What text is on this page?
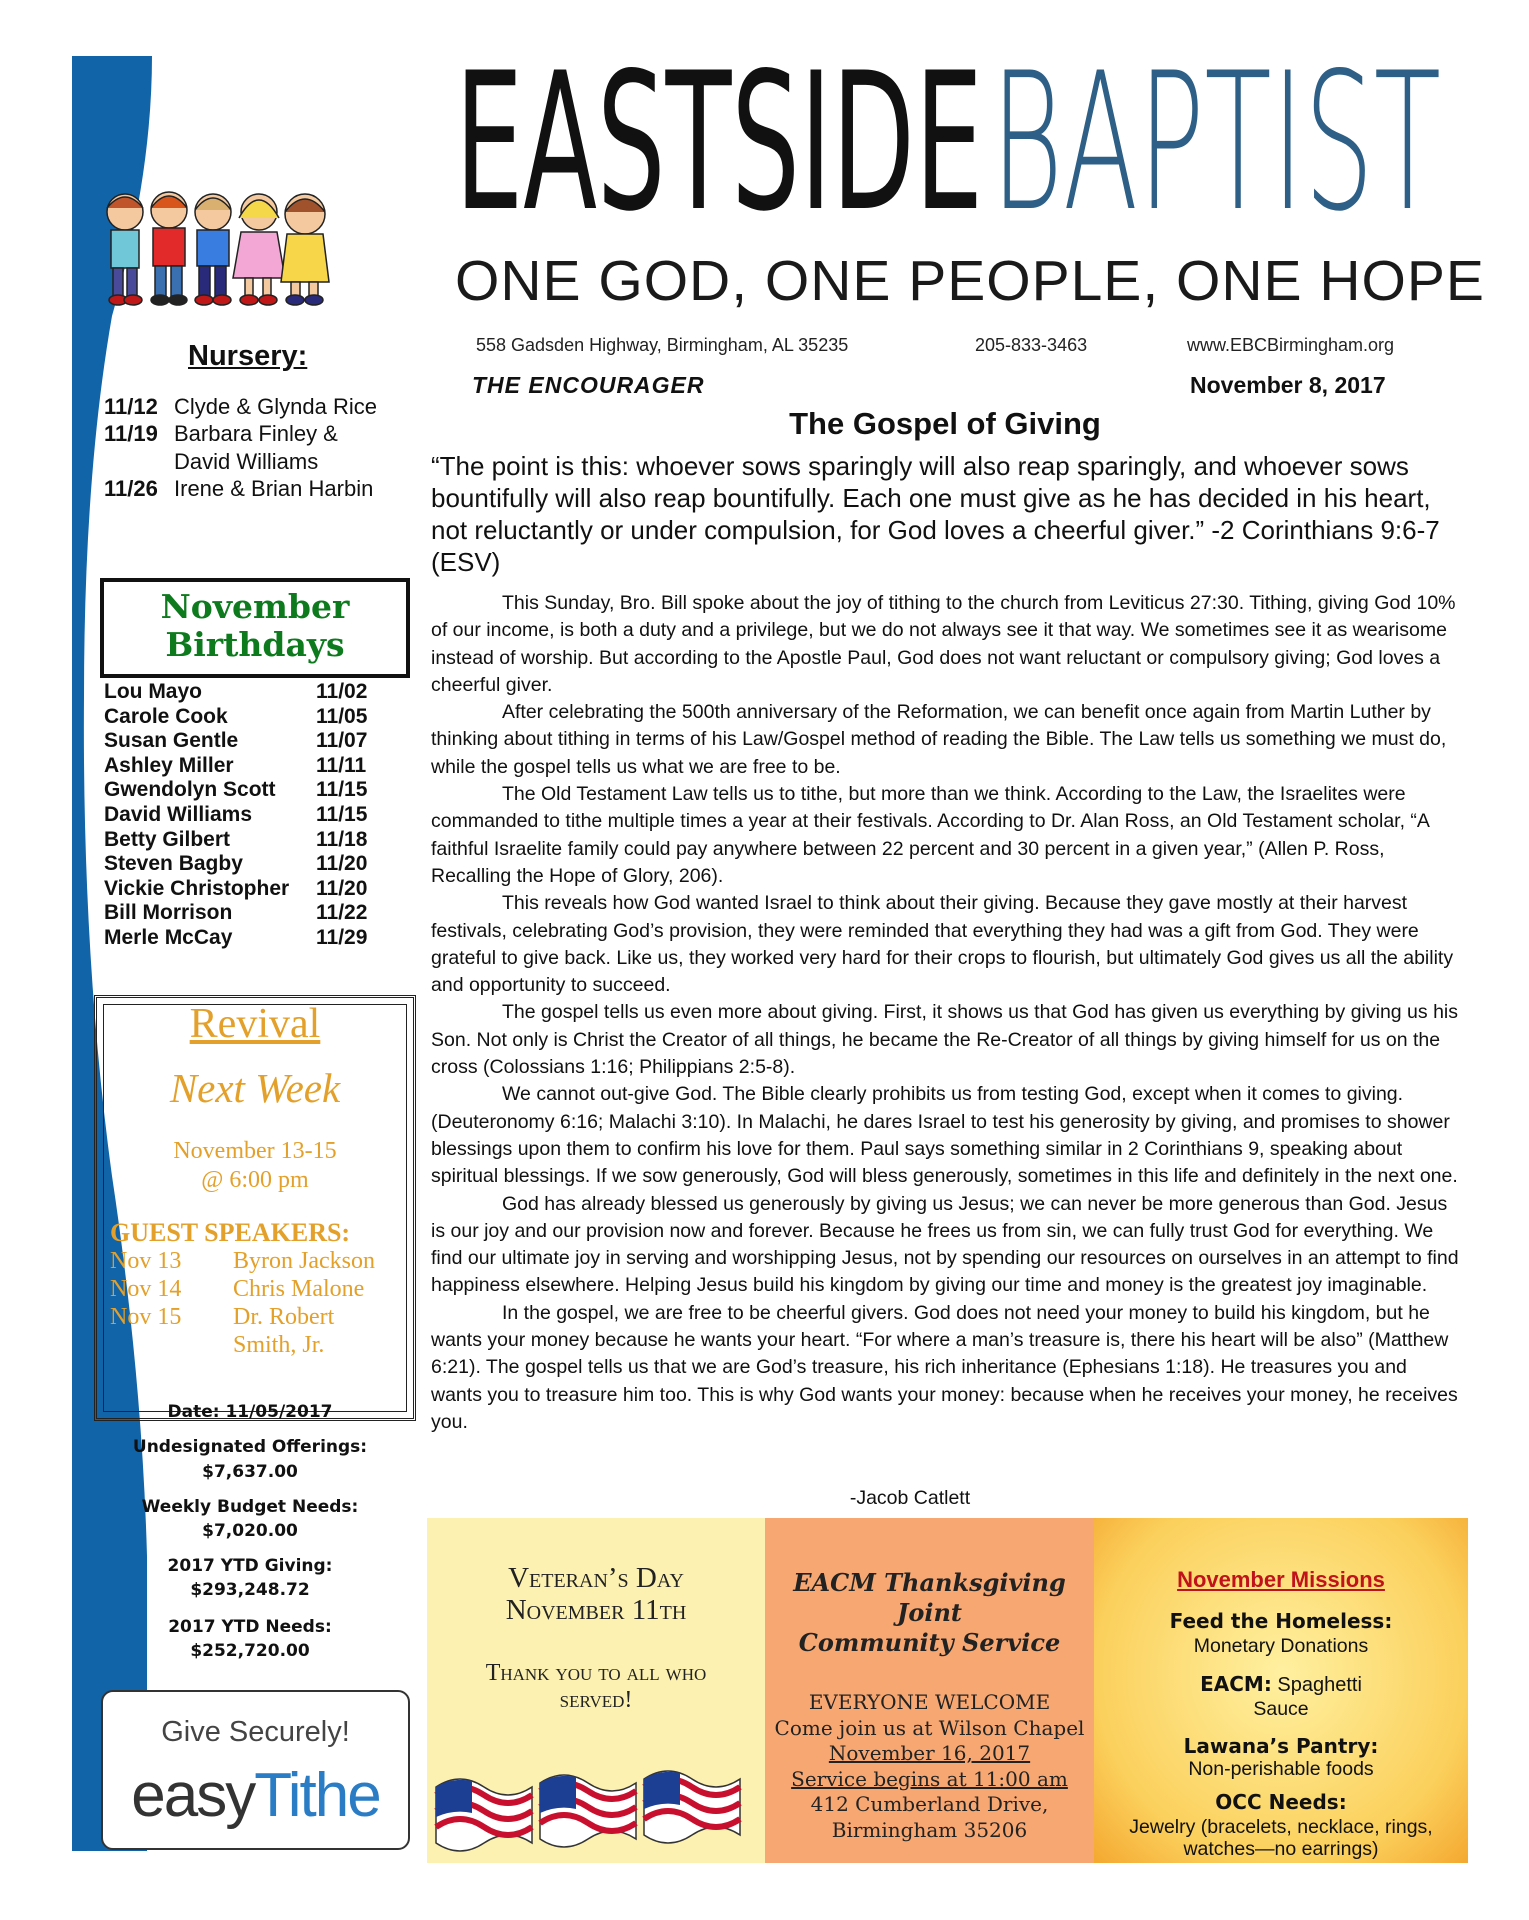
EASTSIDE BAPTIST
ONE GOD, ONE PEOPLE, ONE HOPE
558 Gadsden Highway, Birmingham, AL 35235	205-833-3463	www.EBCBirmingham.org
THE ENCOURAGER	November 8, 2017
The Gospel of Giving
“The point is this: whoever sows sparingly will also reap sparingly, and whoever sows bountifully will also reap bountifully. Each one must give as he has decided in his heart, not reluctantly or under compulsion, for God loves a cheerful giver.” -2 Corinthians 9:6-7 (ESV)

This Sunday, Bro. Bill spoke about the joy of tithing to the church from Leviticus 27:30. Tithing, giving God 10% of our income, is both a duty and a privilege, but we do not always see it that way. We sometimes see it as wearisome instead of worship. But according to the Apostle Paul, God does not want reluctant or compulsory giving; God loves a cheerful giver.

After celebrating the 500th anniversary of the Reformation, we can benefit once again from Martin Luther by thinking about tithing in terms of his Law/Gospel method of reading the Bible. The Law tells us something we must do, while the gospel tells us what we are free to be.

The Old Testament Law tells us to tithe, but more than we think. According to the Law, the Israelites were commanded to tithe multiple times a year at their festivals. According to Dr. Alan Ross, an Old Testament scholar, “A faithful Israelite family could pay anywhere between 22 percent and 30 percent in a given year,” (Allen P. Ross, Recalling the Hope of Glory, 206).

This reveals how God wanted Israel to think about their giving. Because they gave mostly at their harvest festivals, celebrating God’s provision, they were reminded that everything they had was a gift from God. They were grateful to give back. Like us, they worked very hard for their crops to flourish, but ultimately God gives us all the ability and opportunity to succeed.

The gospel tells us even more about giving. First, it shows us that God has given us everything by giving us his Son. Not only is Christ the Creator of all things, he became the Re-Creator of all things by giving himself for us on the cross (Colossians 1:16; Philippians 2:5-8).

We cannot out-give God. The Bible clearly prohibits us from testing God, except when it comes to giving. (Deuteronomy 6:16; Malachi 3:10). In Malachi, he dares Israel to test his generosity by giving, and promises to shower blessings upon them to confirm his love for them. Paul says something similar in 2 Corinthians 9, speaking about spiritual blessings. If we sow generously, God will bless generously, sometimes in this life and definitely in the next one.

God has already blessed us generously by giving us Jesus; we can never be more generous than God. Jesus is our joy and our provision now and forever. Because he frees us from sin, we can fully trust God for everything. We find our ultimate joy in serving and worshipping Jesus, not by spending our resources on ourselves in an attempt to find happiness elsewhere. Helping Jesus build his kingdom by giving our time and money is the greatest joy imaginable.

In the gospel, we are free to be cheerful givers. God does not need your money to build his kingdom, but he wants your money because he wants your heart. “For where a man’s treasure is, there his heart will be also” (Matthew 6:21). The gospel tells us that we are God’s treasure, his rich inheritance (Ephesians 1:18). He treasures you and wants you to treasure him too. This is why God wants your money: because when he receives your money, he receives you.

-Jacob Catlett
Nursery:
11/12 Clyde & Glynda Rice
11/19 Barbara Finley &
David Williams
11/26 Irene & Brian Harbin
November
Birthdays
Lou Mayo	11/02
Carole Cook	11/05
Susan Gentle	11/07
Ashley Miller	11/11
Gwendolyn Scott 11/15
David Williams	11/15
Betty Gilbert	11/18
Steven Bagby	11/20
Vickie Christopher 11/20
Bill Morrison	11/22
Merle McCay	11/29
Revival
Next Week
November 13-15
@ 6:00 pm
GUEST SPEAKERS:
Nov 13 Byron Jackson
Nov 14 Chris Malone
Nov 15 Dr. Robert
Smith, Jr.
Date: 11/05/2017
Undesignated Offerings:
$7,637.00
Weekly Budget Needs:
$7,020.00
2017 YTD Giving:
$293,248.72
2017 YTD Needs:
$252,720.00
Give Securely!
easyTithe
Veteran’s Day
November 11th
Thank you to all who
served!
EACM Thanksgiving
Joint
Community Service
EVERYONE WELCOME
Come join us at Wilson Chapel
November 16, 2017
Service begins at 11:00 am
412 Cumberland Drive,
Birmingham 35206
November Missions
Feed the Homeless:
Monetary Donations
EACM: Spaghetti
Sauce
Lawana’s Pantry:
Non-perishable foods
OCC Needs:
Jewelry (bracelets, necklace, rings,
watches—no earrings)
